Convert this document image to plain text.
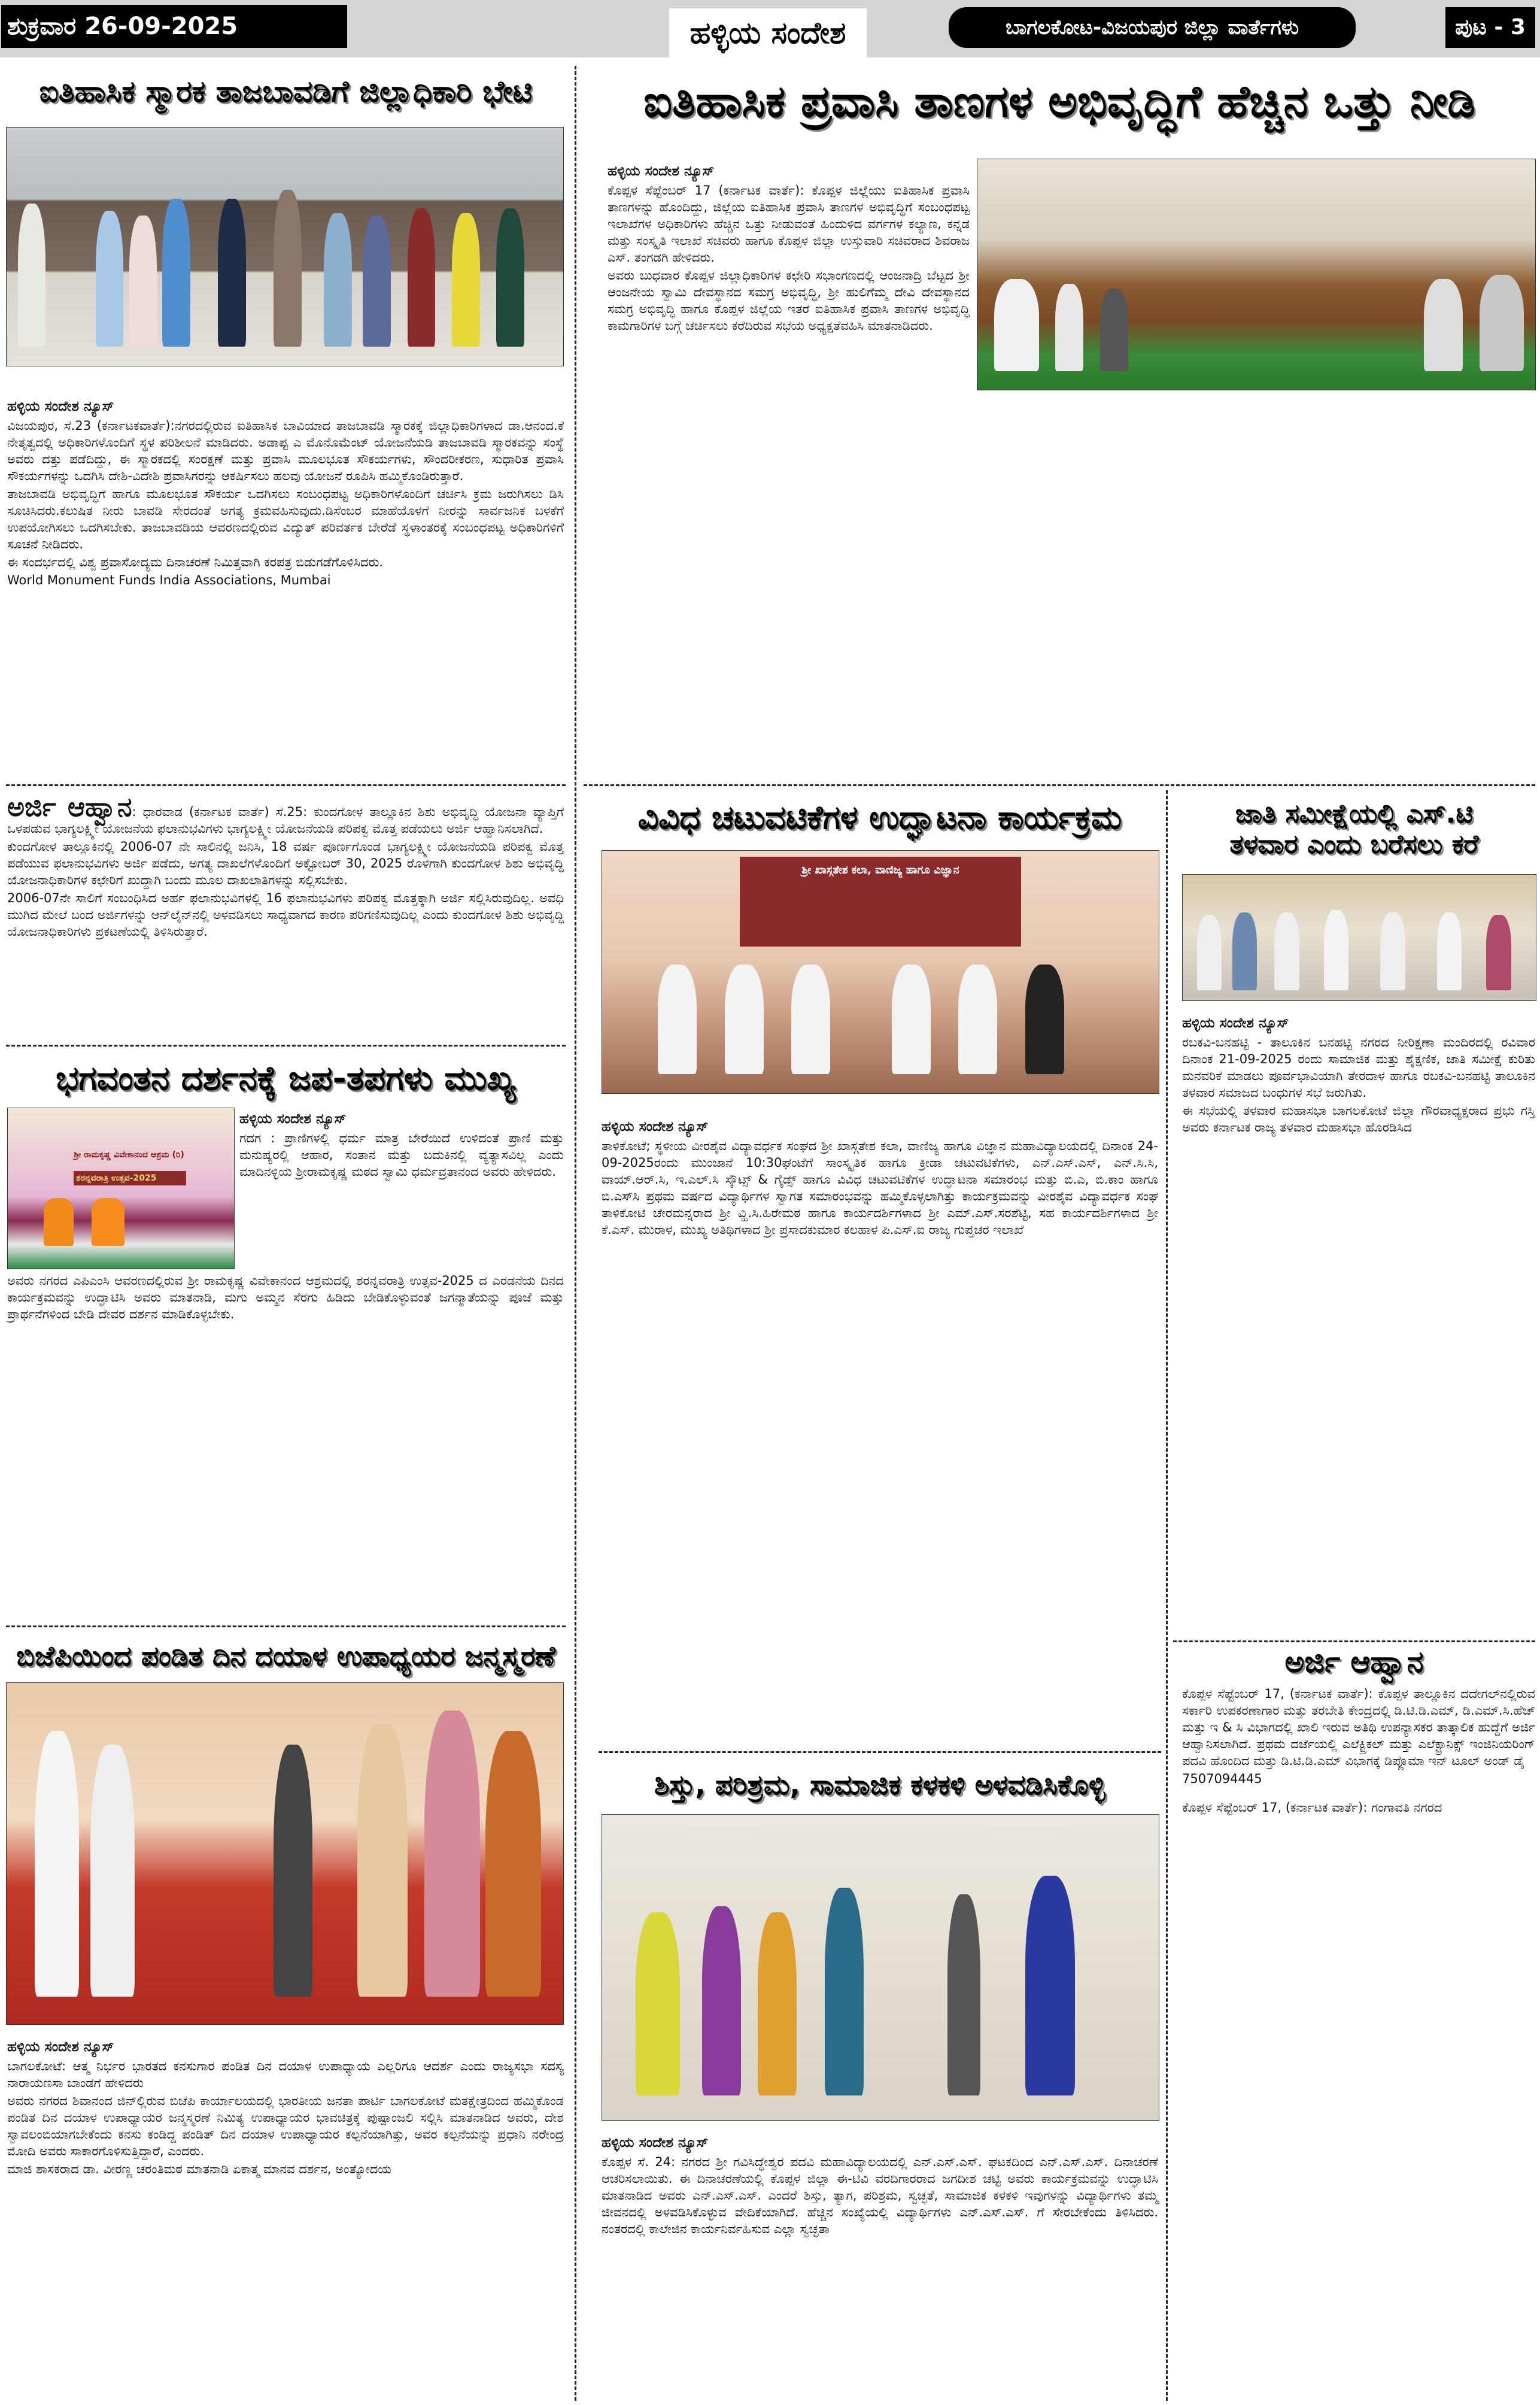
ಶುಕ್ರವಾರ 26-09-2025	ಹಳ್ಳಿಯ ಸಂದೇಶ	ಬಾಗಲಕೋಟ-ವಿಜಯಪುರ ಜಿಲ್ಲಾ ವಾರ್ತೆಗಳು	ಪುಟ - 3
ಐತಿಹಾಸಿಕ ಸ್ಮಾರಕ ತಾಜಬಾವಡಿಗೆ ಜಿಲ್ಲಾಧಿಕಾರಿ ಭೇಟಿ
ಹಳ್ಳಿಯ ಸಂದೇಶ ನ್ಯೂಸ್

ವಿಜಯಪುರ, ಸೆ.23 (ಕರ್ನಾಟಕವಾರ್ತೆ):ನಗರದಲ್ಲಿರುವ ಐತಿಹಾಸಿಕ ಬಾವಿಯಾದ ತಾಜಬಾವಡಿ ಸ್ಮಾರಕಕ್ಕೆ ಜಿಲ್ಲಾಧಿಕಾರಿಗಳಾದ ಡಾ.ಆನಂದ.ಕೆ ನೇತೃತ್ವದಲ್ಲಿ ಅಧಿಕಾರಿಗಳೊಂದಿಗೆ ಸ್ಥಳ ಪರಿಶೀಲನೆ ಮಾಡಿದರು. ಅಡಾಪ್ಟ ಎ ಮೊನೊಮೆಂಟ್ ಯೋಜನೆಯಡಿ ತಾಜಬಾವಡಿ ಸ್ಮಾರಕವನ್ನು ಸಂಸ್ಥೆ ಅವರು ದತ್ತು ಪಡೆದಿದ್ದು, ಈ ಸ್ಮಾರಕದಲ್ಲಿ ಸಂರಕ್ಷಣೆ ಮತ್ತು ಪ್ರವಾಸಿ ಮೂಲಭೂತ ಸೌಕರ್ಯಗಳು, ಸೌಂದರೀಕರಣ, ಸುಧಾರಿತ ಪ್ರವಾಸಿ ಸೌಕರ್ಯಗಳನ್ನು ಒದಗಿಸಿ ದೇಶಿ-ವಿದೇಶಿ ಪ್ರವಾಸಿಗರನ್ನು ಆಕರ್ಷಿಸಲು ಹಲವು ಯೋಜನೆ ರೂಪಿಸಿ ಹಮ್ಮಿಕೊಂಡಿರುತ್ತಾರೆ.

ತಾಜಬಾವಡಿ ಅಭಿವೃದ್ಧಿಗೆ ಹಾಗೂ ಮೂಲಭೂತ ಸೌಕರ್ಯ ಒದಗಿಸಲು ಸಂಬಂಧಪಟ್ಟ ಅಧಿಕಾರಿಗಳೊಂದಿಗೆ ಚರ್ಚಿಸಿ ಕ್ರಮ ಜರುಗಿಸಲು ಡಿಸಿ ಸೂಚಿಸಿದರು.ಕಲುಷಿತ ನೀರು ಬಾವಡಿ ಸೇರದಂತೆ ಅಗತ್ಯ ಕ್ರಮವಹಿಸುವುದು.ಡಿಸೆಂಬರ ಮಾಹೆಯೊಳಗೆ ನೀರನ್ನು ಸಾರ್ವಜನಿಕ ಬಳಕೆಗೆ ಉಪಯೋಗಿಸಲು ಒದಗಿಸಬೇಕು. ತಾಜಬಾವಡಿಯ ಆವರಣದಲ್ಲಿರುವ ವಿದ್ಯುತ್ ಪರಿವರ್ತಕ ಬೇರೆಡೆ ಸ್ಥಳಾಂತರಕ್ಕೆ ಸಂಬಂಧಪಟ್ಟ ಅಧಿಕಾರಿಗಳಿಗೆ ಸೂಚನೆ ನೀಡಿದರು.

ಈ ಸಂದರ್ಭದಲ್ಲಿ ವಿಶ್ವ ಪ್ರವಾಸೋದ್ಯಮ ದಿನಾಚರಣೆ ನಿಮಿತ್ತವಾಗಿ ಕರಪತ್ರ ಬಿಡುಗಡೆಗೊಳಿಸಿದರು.

World Monument Funds India Associations, Mumbai

ಅರ್ಜಿ ಆಹ್ವಾನ: ಧಾರವಾಡ (ಕರ್ನಾಟಕ ವಾರ್ತೆ) ಸೆ.25: ಕುಂದಗೋಳ ತಾಲ್ಲೂಕಿನ ಶಿಶು ಅಭಿವೃದ್ಧಿ ಯೋಜನಾ ವ್ಯಾಪ್ತಿಗೆ ಒಳಪಡುವ ಭಾಗ್ಯಲಕ್ಷ್ಮೀ ಯೋಜನೆಯ ಫಲಾನುಭವಿಗಳು ಭಾಗ್ಯಲಕ್ಷ್ಮೀ ಯೋಜನೆಯಡಿ ಪರಿಪಕ್ವ ಮೊತ್ತ ಪಡೆಯಲು ಅರ್ಜಿ ಆಹ್ವಾನಿಸಲಾಗಿದೆ.

ಕುಂದಗೋಳ ತಾಲ್ಲೂಕಿನಲ್ಲಿ 2006-07 ನೇ ಸಾಲಿನಲ್ಲಿ ಜನಿಸಿ, 18 ವರ್ಷ ಪೂರ್ಣಗೊಂಡ ಭಾಗ್ಯಲಕ್ಷ್ಮೀ ಯೋಜನೆಯಡಿ ಪರಿಪಕ್ವ ಮೊತ್ತ ಪಡೆಯುವ ಫಲಾನುಭವಿಗಳು ಅರ್ಜಿ ಪಡೆದು, ಅಗತ್ಯ ದಾಖಲೆಗಳೊಂದಿಗೆ ಅಕ್ಟೋಬರ್ 30, 2025 ರೊಳಗಾಗಿ ಕುಂದಗೋಳ ಶಿಶು ಅಭಿವೃದ್ಧಿ ಯೋಜನಾಧಿಕಾರಿಗಳ ಕಛೇರಿಗೆ ಖುದ್ದಾಗಿ ಬಂದು ಮೂಲ ದಾಖಲಾತಿಗಳನ್ನು ಸಲ್ಲಿಸಬೇಕು.

2006-07ನೇ ಸಾಲಿಗೆ ಸಂಬಂಧಿಸಿದ ಅರ್ಹ ಫಲಾನುಭವಿಗಳಲ್ಲಿ 16 ಫಲಾನುಭವಿಗಳು ಪರಿಪಕ್ವ ಮೊತ್ತಕ್ಕಾಗಿ ಅರ್ಜಿ ಸಲ್ಲಿಸಿರುವುದಿಲ್ಲ. ಅವಧಿ ಮುಗಿದ ಮೇಲೆ ಬಂದ ಅರ್ಜಿಗಳನ್ನು ಆನ್‌ಲೈನ್‌ನಲ್ಲಿ ಅಳವಡಿಸಲು ಸಾಧ್ಯವಾಗದ ಕಾರಣ ಪರಿಗಣಿಸುವುದಿಲ್ಲ ಎಂದು ಕುಂದಗೋಳ ಶಿಶು ಅಭಿವೃದ್ಧಿ ಯೋಜನಾಧಿಕಾರಿಗಳು ಪ್ರಕಟಣೆಯಲ್ಲಿ ತಿಳಿಸಿರುತ್ತಾರೆ.

ಭಗವಂತನ ದರ್ಶನಕ್ಕೆ ಜಪ-ತಪಗಳು ಮುಖ್ಯ
ಶ್ರೀ ರಾಮಕೃಷ್ಣ ವಿವೇಕಾನಂದ ಆಶ್ರಮ (ರಿ)
ಶರನ್ನವರಾತ್ರಿ ಉತ್ಸವ-2025
ಹಳ್ಳಿಯ ಸಂದೇಶ ನ್ಯೂಸ್

ಗದಗ : ಪ್ರಾಣಿಗಳಲ್ಲಿ ಧರ್ಮ ಮಾತ್ರ ಬೇರೆಯಿದೆ ಉಳಿದಂತೆ ಪ್ರಾಣಿ ಮತ್ತು ಮನುಷ್ಯರಲ್ಲಿ ಆಹಾರ, ಸಂತಾನ ಮತ್ತು ಬದುಕಿನಲ್ಲಿ ವ್ಯತ್ಯಾಸವಿಲ್ಲ ಎಂದು ಮಾದಿನಳ್ಳಿಯ ಶ್ರೀರಾಮಕೃಷ್ಣ ಮಠದ ಸ್ವಾಮಿ ಧರ್ಮವ್ರತಾನಂದ ಅವರು ಹೇಳಿದರು.

ಅವರು ನಗರದ ಎಪಿಎಂಸಿ ಆವರಣದಲ್ಲಿರುವ ಶ್ರೀ ರಾಮಕೃಷ್ಣ ವಿವೇಕಾನಂದ ಆಶ್ರಮದಲ್ಲಿ ಶರನ್ನವರಾತ್ರಿ ಉತ್ಸವ-2025 ದ ಎರಡನೆಯ ದಿನದ ಕಾರ್ಯಕ್ರಮವನ್ನು ಉದ್ಘಾಟಿಸಿ ಅವರು ಮಾತನಾಡಿ, ಮಗು ಅಮ್ಮನ ಸೆರಗು ಹಿಡಿದು ಬೇಡಿಕೊಳ್ಳುವಂತೆ ಜಗನ್ಮಾತೆಯನ್ನು ಪೂಜೆ ಮತ್ತು ಪ್ರಾರ್ಥನೆಗಳಿಂದ ಬೇಡಿ ದೇವರ ದರ್ಶನ ಮಾಡಿಕೊಳ್ಳಬೇಕು.

ಬಿಜೆಪಿಯಿಂದ ಪಂಡಿತ ದಿನ ದಯಾಳ ಉಪಾಧ್ಯಯರ ಜನ್ಮಸ್ಮರಣೆ
ಹಳ್ಳಿಯ ಸಂದೇಶ ನ್ಯೂಸ್

ಬಾಗಲಕೋಟೆ: ಆತ್ಮ ನಿರ್ಭರ ಭಾರತದ ಕನಸುಗಾರ ಪಂಡಿತ ದಿನ ದಯಾಳ ಉಪಾಧ್ಯಾಯ ಎಲ್ಲರಿಗೂ ಆದರ್ಶ ಎಂದು ರಾಜ್ಯಸಭಾ ಸದಸ್ಯ ನಾರಾಯಣಸಾ ಬಾಂಡಗೆ ಹೇಳಿದರು

ಅವರು ನಗರದ ಶಿವಾನಂದ ಜಿನ್‌ಲ್ಲಿರುವ ಬಿಜೆಪಿ ಕಾರ್ಯಾಲಯದಲ್ಲಿ ಭಾರತೀಯ ಜನತಾ ಪಾರ್ಟಿ ಬಾಗಲಕೋಟೆ ಮತಕ್ಷೇತ್ರದಿಂದ ಹಮ್ಮಿಕೊಂಡ ಪಂಡಿತ ದಿನ ದಯಾಳ ಉಪಾಧ್ಯಾಯರ ಜನ್ಮಸ್ಮರಣೆ ನಿಮಿತ್ಯ ಉಪಾಧ್ಯಾಯರ ಭಾವಚಿತ್ರಕ್ಕೆ ಪುಷ್ಪಾಂಜಲಿ ಸಲ್ಲಿಸಿ ಮಾತನಾಡಿದ ಅವರು, ದೇಶ ಸ್ವಾವಲಂಬಿಯಾಗಬೇಕೆಂದು ಕನಸು ಕಂಡಿದ್ದ ಪಂಡಿತ್ ದಿನ ದಯಾಳ ಉಪಾಧ್ಯಾಯರ ಕಲ್ಪನೆಯಾಗಿತ್ತು, ಅವರ ಕಲ್ಪನೆಯನ್ನು ಪ್ರಧಾನಿ ನರೇಂದ್ರ ಮೋದಿ ಅವರು ಸಾಕಾರಗೊಳಿಸುತ್ತಿದ್ದಾರೆ, ಎಂದರು.

ಮಾಜಿ ಶಾಸಕರಾದ ಡಾ. ವೀರಣ್ಣ ಚರಂತಿಮಠ ಮಾತನಾಡಿ ಏಕಾತ್ಮ ಮಾನವ ದರ್ಶನ, ಅಂತ್ಯೋದಯ

ಐತಿಹಾಸಿಕ ಪ್ರವಾಸಿ ತಾಣಗಳ ಅಭಿವೃದ್ಧಿಗೆ ಹೆಚ್ಚಿನ ಒತ್ತು ನೀಡಿ
ಹಳ್ಳಿಯ ಸಂದೇಶ ನ್ಯೂಸ್

ಕೊಪ್ಪಳ ಸೆಪ್ಟೆಂಬರ್ 17 (ಕರ್ನಾಟಕ ವಾರ್ತೆ): ಕೊಪ್ಪಳ ಜಿಲ್ಲೆಯು ಐತಿಹಾಸಿಕ ಪ್ರವಾಸಿ ತಾಣಗಳನ್ನು ಹೊಂದಿದ್ದು, ಜಿಲ್ಲೆಯ ಐತಿಹಾಸಿಕ ಪ್ರವಾಸಿ ತಾಣಗಳ ಅಭಿವೃದ್ಧಿಗೆ ಸಂಬಂಧಪಟ್ಟ ಇಲಾಖೆಗಳ ಅಧಿಕಾರಿಗಳು ಹೆಚ್ಚಿನ ಒತ್ತು ನೀಡುವಂತೆ ಹಿಂದುಳಿದ ವರ್ಗಗಳ ಕಲ್ಯಾಣ, ಕನ್ನಡ ಮತ್ತು ಸಂಸ್ಕೃತಿ ಇಲಾಖೆ ಸಚಿವರು ಹಾಗೂ ಕೊಪ್ಪಳ ಜಿಲ್ಲಾ ಉಸ್ತುವಾರಿ ಸಚಿವರಾದ ಶಿವರಾಜ ಎಸ್. ತಂಗಡಗಿ ಹೇಳಿದರು.

ಅವರು ಬುಧವಾರ ಕೊಪ್ಪಳ ಜಿಲ್ಲಾಧಿಕಾರಿಗಳ ಕಛೇರಿ ಸಭಾಂಗಣದಲ್ಲಿ ಆಂಜನಾದ್ರಿ ಬೆಟ್ಟದ ಶ್ರೀ ಆಂಜನೇಯ ಸ್ವಾಮಿ ದೇವಸ್ಥಾನದ ಸಮಗ್ರ ಅಭಿವೃದ್ಧಿ, ಶ್ರೀ ಹುಲಿಗೆಮ್ಮ ದೇವಿ ದೇವಸ್ಥಾನದ ಸಮಗ್ರ ಅಭಿವೃದ್ಧಿ ಹಾಗೂ ಕೊಪ್ಪಳ ಜಿಲ್ಲೆಯ ಇತರೆ ಐತಿಹಾಸಿಕ ಪ್ರವಾಸಿ ತಾಣಗಳ ಅಭಿವೃದ್ಧಿ ಕಾಮಗಾರಿಗಳ ಬಗ್ಗೆ ಚರ್ಚಿಸಲು ಕರೆದಿರುವ ಸಭೆಯ ಅಧ್ಯಕ್ಷತೆವಹಿಸಿ ಮಾತನಾಡಿದರು.

ವಿವಿಧ ಚಟುವಟಿಕೆಗಳ ಉದ್ಘಾಟನಾ ಕಾರ್ಯಕ್ರಮ
ಶ್ರೀ ಖಾಸ್ಗತೇಶ ಕಲಾ, ವಾಣಿಜ್ಯ ಹಾಗೂ ವಿಜ್ಞಾನ
ಹಳ್ಳಿಯ ಸಂದೇಶ ನ್ಯೂಸ್

ತಾಳಿಕೋಟೆ; ಸ್ಥಳೀಯ ವೀರಶೈವ ವಿದ್ಯಾವರ್ಧಕ ಸಂಘದ ಶ್ರೀ ಖಾಸ್ಗತೇಶ ಕಲಾ, ವಾಣಿಜ್ಯ ಹಾಗೂ ವಿಜ್ಞಾನ ಮಹಾವಿದ್ಯಾಲಯದಲ್ಲಿ ದಿನಾಂಕ 24-09-2025ರಂದು ಮುಂಜಾನೆ 10:30ಘಂಟೆಗೆ ಸಾಂಸ್ಕೃತಿಕ ಹಾಗೂ ಕ್ರೀಡಾ ಚಟುವಟಿಕೆಗಳು, ಎನ್.ಎಸ್.ಎಸ್, ಎನ್.ಸಿ.ಸಿ, ವಾಯ್.ಆರ್.ಸಿ, ಇ.ಎಲ್.ಸಿ ಸ್ಕೌಟ್ಸ್ & ಗೈಡ್ಸ್ ಹಾಗೂ ವಿವಿಧ ಚಟುವಟಿಕೆಗಳ ಉದ್ಘಾಟನಾ ಸಮಾರಂಭ ಮತ್ತು ಬಿ.ಎ, ಬಿ.ಕಾಂ ಹಾಗೂ ಬಿ.ಎಸ್‌ಸಿ ಪ್ರಥಮ ವರ್ಷದ ವಿದ್ಯಾರ್ಥಿಗಳ ಸ್ವಾಗತ ಸಮಾರಂಭವನ್ನು ಹಮ್ಮಿಕೊಳ್ಳಲಾಗಿತ್ತು ಕಾರ್ಯಕ್ರಮವನ್ನು ವೀರಶೈವ ವಿದ್ಯಾವರ್ಧಕ ಸಂಘ ತಾಳಿಕೋಟಿ ಚೇರಮನ್ನರಾದ ಶ್ರೀ ವ್ಹಿ.ಸಿ.ಹಿರೇಮಠ ಹಾಗೂ ಕಾರ್ಯದರ್ಶಿಗಳಾದ ಶ್ರೀ ಎಮ್.ಎಸ್.ಸರಶೆಟ್ಟಿ, ಸಹ ಕಾರ್ಯದರ್ಶಿಗಳಾದ ಶ್ರೀ ಕೆ.ಎಸ್. ಮುರಾಳ, ಮುಖ್ಯ ಅತಿಥಿಗಳಾದ ಶ್ರೀ ಪ್ರಸಾದಕುಮಾರ ಕಲಹಾಳ ಪಿ.ಎಸ್.ಐ ರಾಜ್ಯ ಗುಪ್ತಚರ ಇಲಾಖೆ

ಶಿಸ್ತು, ಪರಿಶ್ರಮ, ಸಾಮಾಜಿಕ ಕಳಕಳಿ ಅಳವಡಿಸಿಕೊಳ್ಳಿ
ಹಳ್ಳಿಯ ಸಂದೇಶ ನ್ಯೂಸ್

ಕೊಪ್ಪಳ ಸೆ. 24: ನಗರದ ಶ್ರೀ ಗವಿಸಿದ್ಧೇಶ್ವರ ಪದವಿ ಮಹಾವಿದ್ಯಾಲಯದಲ್ಲಿ ಎನ್.ಎಸ್.ಎಸ್. ಘಟಕದಿಂದ ಎನ್.ಎಸ್.ಎಸ್. ದಿನಾಚರಣೆ ಆಚರಿಸಲಾಯಿತು. ಈ ದಿನಾಚರಣೆಯಲ್ಲಿ ಕೊಪ್ಪಳ ಜಿಲ್ಲಾ ಈ-ಟಿವಿ ವರದಿಗಾರರಾದ ಜಗದೀಶ ಚಟ್ಟಿ ಅವರು ಕಾರ್ಯಕ್ರಮವನ್ನು ಉದ್ಘಾಟಿಸಿ ಮಾತನಾಡಿದ ಅವರು ಎನ್.ಎಸ್.ಎಸ್. ಎಂದರೆ ಶಿಸ್ತು, ತ್ಯಾಗ, ಪರಿಶ್ರಮ, ಸ್ವಚ್ಛತೆ, ಸಾಮಾಜಿಕ ಕಳಕಳಿ ಇವುಗಳನ್ನು ವಿದ್ಯಾರ್ಥಿಗಳು ತಮ್ಮ ಜೀವನದಲ್ಲಿ ಅಳವಡಿಸಿಕೊಳ್ಳುವ ವೇದಿಕೆಯಾಗಿದೆ. ಹೆಚ್ಚಿನ ಸಂಖ್ಯೆಯಲ್ಲಿ ವಿದ್ಯಾರ್ಥಿಗಳು ಎನ್.ಎಸ್.ಎಸ್. ಗೆ ಸೇರಬೇಕೆಂದು ತಿಳಿಸಿದರು. ನಂತರದಲ್ಲಿ ಕಾಲೇಜಿನ ಕಾರ್ಯನಿರ್ವಹಿಸುವ ಎಲ್ಲಾ ಸ್ವಚ್ಛತಾ

ಜಾತಿ ಸಮೀಕ್ಷೆಯಲ್ಲಿ ಎಸ್.ಟಿ
ತಳವಾರ ಎಂದು ಬರೆಸಲು ಕರೆ
ಹಳ್ಳಿಯ ಸಂದೇಶ ನ್ಯೂಸ್

ರಬಕವಿ-ಬನಹಟ್ಟಿ - ತಾಲೂಕಿನ ಬನಹಟ್ಟಿ ನಗರದ ನೀರಿಕ್ಷಣಾ ಮಂದಿರದಲ್ಲಿ ರವಿವಾರ ದಿನಾಂಕ 21-09-2025 ರಂದು ಸಾಮಾಜಿಕ ಮತ್ತು ಶೈಕ್ಷಣಿಕ, ಜಾತಿ ಸಮೀಕ್ಷೆ ಕುರಿತು ಮನವರಿಕೆ ಮಾಡಲು ಪೂರ್ವಭಾವಿಯಾಗಿ ತೇರದಾಳ ಹಾಗೂ ರಬಕವಿ-ಬನಹಟ್ಟಿ ತಾಲೂಕಿನ ತಳವಾರ ಸಮಾಜದ ಬಂಧುಗಳ ಸಭೆ ಜರುಗಿತು.

ಈ ಸಭೆಯಲ್ಲಿ ತಳವಾರ ಮಹಾಸಭಾ ಬಾಗಲಕೋಟೆ ಜಿಲ್ಲಾ ಗೌರವಾಧ್ಯಕ್ಷರಾದ ಪ್ರಭು ಗಸ್ತಿ ಅವರು ಕರ್ನಾಟಕ ರಾಜ್ಯ ತಳವಾರ ಮಹಾಸಭಾ ಹೊರಡಿಸಿದ

ಅರ್ಜಿ ಆಹ್ವಾನ

ಕೊಪ್ಪಳ ಸೆಪ್ಟೆಂಬರ್ 17, (ಕರ್ನಾಟಕ ವಾರ್ತೆ): ಕೊಪ್ಪಳ ತಾಲ್ಲೂಕಿನ ದದೇಗಲ್‌ನಲ್ಲಿರುವ ಸರ್ಕಾರಿ ಉಪಕರಣಾಗಾರ ಮತ್ತು ತರಬೇತಿ ಕೇಂದ್ರದಲ್ಲಿ ಡಿ.ಟಿ.ಡಿ.ಎಮ್, ಡಿ.ಎಮ್.ಸಿ.ಹೆಚ್ ಮತ್ತು ಇ & ಸಿ ವಿಭಾಗದಲ್ಲಿ ಖಾಲಿ ಇರುವ ಅತಿಥಿ ಉಪನ್ಯಾಸಕರ ತಾತ್ಕಾಲಿಕ ಹುದ್ದೆಗೆ ಅರ್ಜಿ ಆಹ್ವಾನಿಸಲಾಗಿದೆ. ಪ್ರಥಮ ದರ್ಜೆಯಲ್ಲಿ ಎಲೆಕ್ಟ್ರಿಕಲ್ ಮತ್ತು ಎಲೆಕ್ಟ್ರಾನಿಕ್ಸ್ ಇಂಜಿನಿಯರಿಂಗ್ ಪದವಿ ಹೊಂದಿದ ಮತ್ತು ಡಿ.ಟಿ.ಡಿ.ಎಮ್ ವಿಭಾಗಕ್ಕೆ ಡಿಪ್ಲೊಮಾ ಇನ್ ಟೂಲ್ ಅಂಡ್ ಡೈ

7507094445

ಕೊಪ್ಪಳ ಸೆಪ್ಟೆಂಬರ್ 17, (ಕರ್ನಾಟಕ ವಾರ್ತೆ): ಗಂಗಾವತಿ ನಗರದ
